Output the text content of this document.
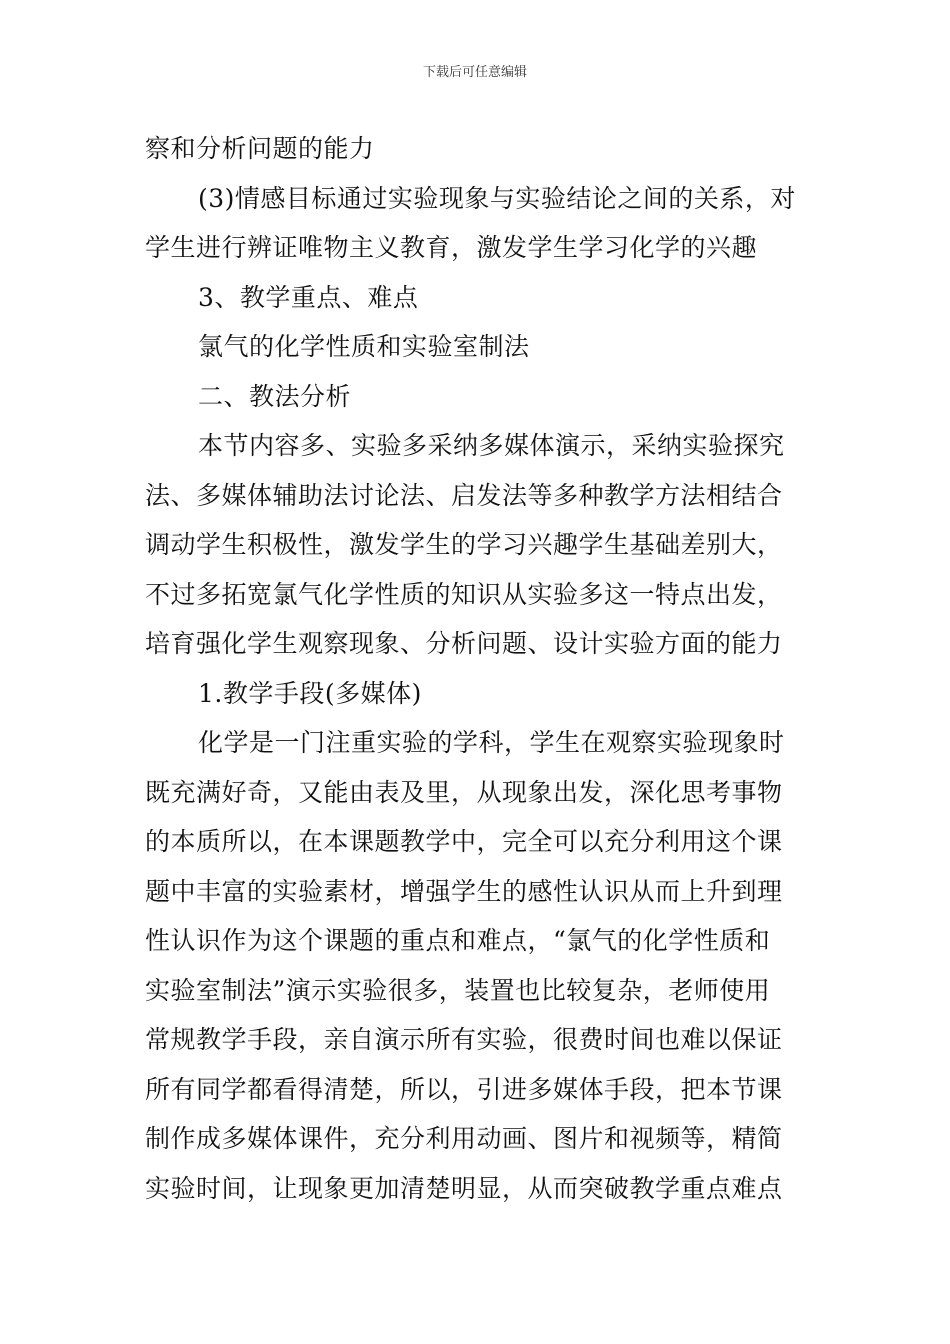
下载后可任意编辑

察和分析问题的能力

(3)情感目标通过实验现象与实验结论之间的关系，对

学生进行辨证唯物主义教育，激发学生学习化学的兴趣

3、教学重点、难点

氯气的化学性质和实验室制法

二、教法分析

本节内容多、实验多采纳多媒体演示，采纳实验探究

法、多媒体辅助法讨论法、启发法等多种教学方法相结合

调动学生积极性，激发学生的学习兴趣学生基础差别大，

不过多拓宽氯气化学性质的知识从实验多这一特点出发，

培育强化学生观察现象、分析问题、设计实验方面的能力

1.教学手段(多媒体)

化学是一门注重实验的学科，学生在观察实验现象时

既充满好奇，又能由表及里，从现象出发，深化思考事物

的本质所以，在本课题教学中，完全可以充分利用这个课

题中丰富的实验素材，增强学生的感性认识从而上升到理

性认识作为这个课题的重点和难点，“氯气的化学性质和

实验室制法”演示实验很多，装置也比较复杂，老师使用

常规教学手段，亲自演示所有实验，很费时间也难以保证

所有同学都看得清楚，所以，引进多媒体手段，把本节课

制作成多媒体课件，充分利用动画、图片和视频等，精简

实验时间，让现象更加清楚明显，从而突破教学重点难点
